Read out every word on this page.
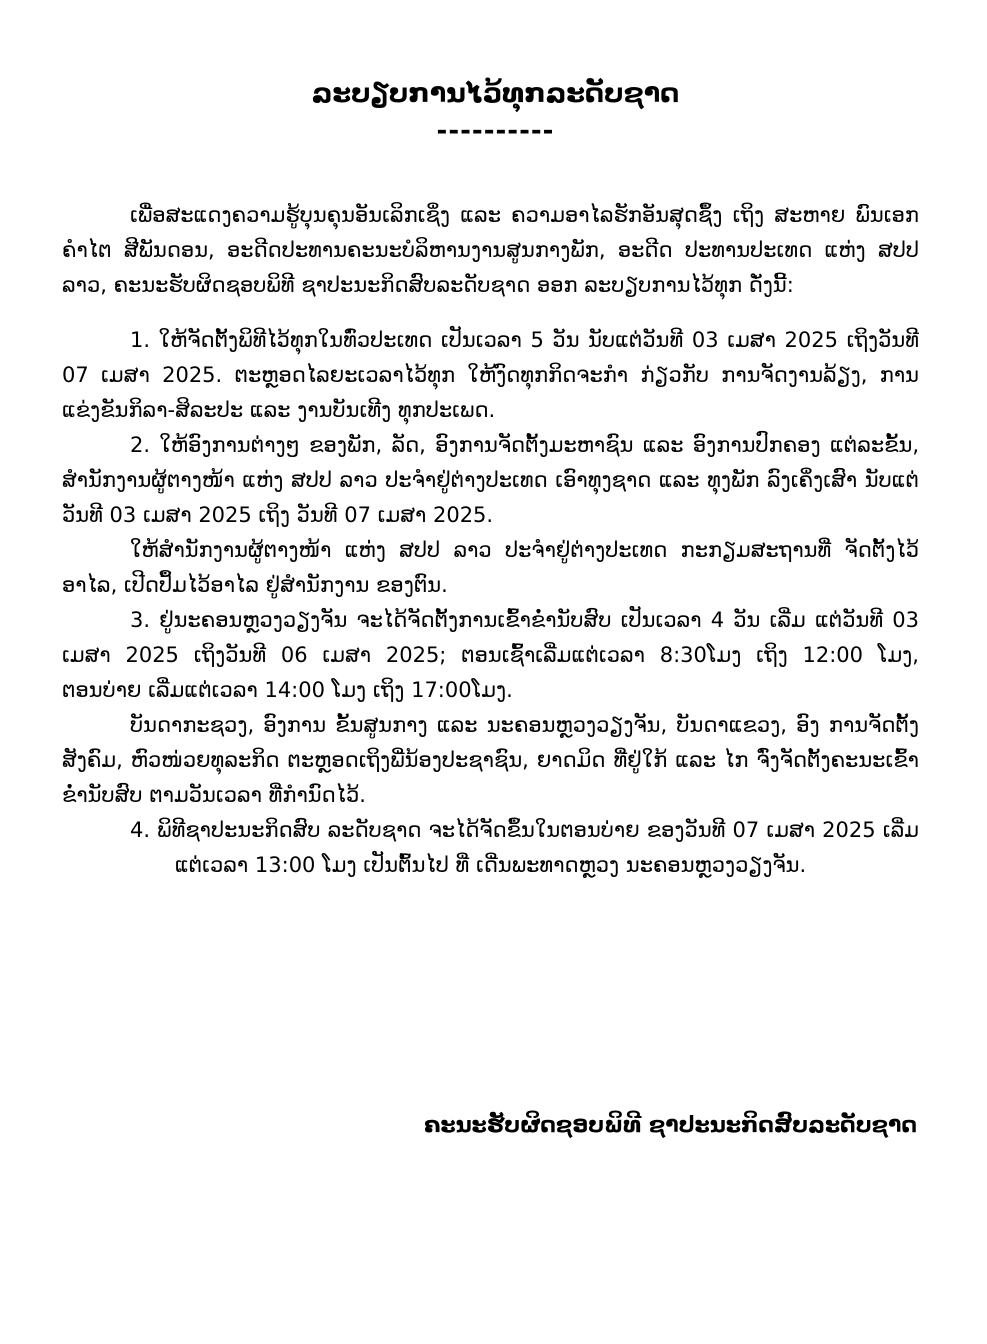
ລະບຽບການໄວ້ທຸກລະດັບຊາດ
----------

ເພື່ອສະແດງຄວາມຮູ້ບຸນຄຸນອັນເລິກເຊິ່ງ ແລະ ຄວາມອາໄລຮັກອັນສຸດຊຶ້ງ ເຖິງ ສະຫາຍ ພົນເອກ ຄຳໄຕ ສີພັນດອນ, ອະດີດປະທານຄະນະບໍລິຫານງານສູນກາງພັກ, ອະດີດ ປະທານປະເທດ ແຫ່ງ ສປປ ລາວ, ຄະນະຮັບຜິດຊອບພິທີ ຊາປະນະກິດສົບລະດັບຊາດ ອອກ ລະບຽບການໄວ້ທຸກ ດັ່ງນີ້:

1. ໃຫ້ຈັດຕັ້ງພິທີໄວ້ທຸກໃນທົ່ວປະເທດ ເປັນເວລາ 5 ວັນ ນັບແຕ່ວັນທີ 03 ເມສາ 2025 ເຖິງວັນທີ 07 ເມສາ 2025. ຕະຫຼອດໄລຍະເວລາໄວ້ທຸກ ໃຫ້ງົດທຸກກິດຈະກຳ ກ່ຽວກັບ ການຈັດງານລ້ຽງ, ການແຂ່ງຂັນກິລາ-ສິລະປະ ແລະ ງານບັນເທີງ ທຸກປະເພດ.

2. ໃຫ້ອົງການຕ່າງໆ ຂອງພັກ, ລັດ, ອົງການຈັດຕັ້ງມະຫາຊົນ ແລະ ອົງການປົກຄອງ ແຕ່ລະຂັ້ນ, ສຳນັກງານຜູ້ຕາງໜ້າ ແຫ່ງ ສປປ ລາວ ປະຈຳຢູ່ຕ່າງປະເທດ ເອົາທຸງຊາດ ແລະ ທຸງພັກ ລົງເຄິ່ງເສົາ ນັບແຕ່ວັນທີ 03 ເມສາ 2025 ເຖິງ ວັນທີ 07 ເມສາ 2025.

ໃຫ້ສຳນັກງານຜູ້ຕາງໜ້າ ແຫ່ງ ສປປ ລາວ ປະຈຳຢູ່ຕ່າງປະເທດ ກະກຽມສະຖານທີ່ ຈັດຕັ້ງໄວ້ອາໄລ, ເປີດປຶ້ມໄວ້ອາໄລ ຢູ່ສຳນັກງານ ຂອງຕົນ.

3. ຢູ່ນະຄອນຫຼວງວຽງຈັນ ຈະໄດ້ຈັດຕັ້ງການເຂົ້າຂໍ່ານັບສົບ ເປັນເວລາ 4 ວັນ ເລີ່ມ ແຕ່ວັນທີ 03 ເມສາ 2025 ເຖິງວັນທີ 06 ເມສາ 2025; ຕອນເຊົ້າເລີ່ມແຕ່ເວລາ 8:30ໂມງ ເຖິງ 12:00 ໂມງ, ຕອນບ່າຍ ເລີ່ມແຕ່ເວລາ 14:00 ໂມງ ເຖິງ 17:00ໂມງ.

ບັນດາກະຊວງ, ອົງການ ຂັ້ນສູນກາງ ແລະ ນະຄອນຫຼວງວຽງຈັນ, ບັນດາແຂວງ, ອົງ ການຈັດຕັ້ງສັງຄົມ, ຫົວໜ່ວຍທຸລະກິດ ຕະຫຼອດເຖິງພີ່ນ້ອງປະຊາຊົນ, ຍາດມິດ ທີ່ຢູ່ໃກ້ ແລະ ໄກ ຈົ່ງຈັດຕັ້ງຄະນະເຂົ້າຂໍ່ານັບສົບ ຕາມວັນເວລາ ທີ່ກຳນົດໄວ້.

4. ພິທີຊາປະນະກິດສົບ ລະດັບຊາດ ຈະໄດ້ຈັດຂຶ້ນໃນຕອນບ່າຍ ຂອງວັນທີ 07 ເມສາ 2025 ເລີ່ມແຕ່ເວລາ 13:00 ໂມງ ເປັນຕົ້ນໄປ ທີ່ ເດີ່ນພະທາດຫຼວງ ນະຄອນຫຼວງວຽງຈັນ.

ຄະນະຮັບຜິດຊອບພິທີ ຊາປະນະກິດສົບລະດັບຊາດ
